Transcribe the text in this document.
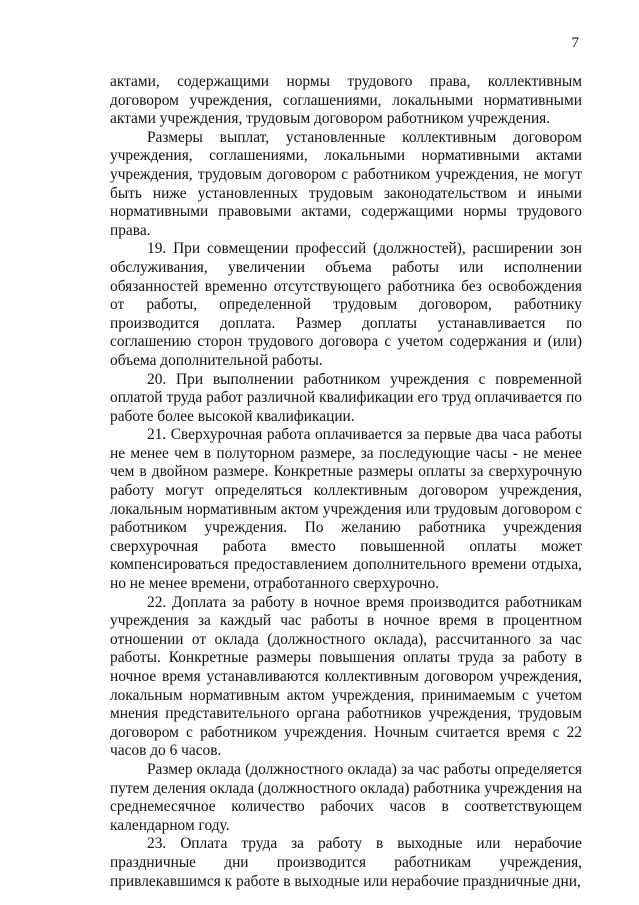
7

актами, содержащими нормы трудового права, коллективным договором учреждения, соглашениями, локальными нормативными актами учреждения, трудовым договором работником учреждения.

Размеры выплат, установленные коллективным договором учреждения, соглашениями, локальными нормативными актами учреждения, трудовым договором с работником учреждения, не могут быть ниже установленных трудовым законодательством и иными нормативными правовыми актами, содержащими нормы трудового права.

19. При совмещении профессий (должностей), расширении зон обслуживания, увеличении объема работы или исполнении обязанностей временно отсутствующего работника без освобождения от работы, определенной трудовым договором, работнику производится доплата. Размер доплаты устанавливается по соглашению сторон трудового договора с учетом содержания и (или) объема дополнительной работы.

20. При выполнении работником учреждения с повременной оплатой труда работ различной квалификации его труд оплачивается по работе более высокой квалификации.

21. Сверхурочная работа оплачивается за первые два часа работы не менее чем в полуторном размере, за последующие часы - не менее чем в двойном размере. Конкретные размеры оплаты за сверхурочную работу могут определяться коллективным договором учреждения, локальным нормативным актом учреждения или трудовым договором с работником учреждения. По желанию работника учреждения сверхурочная работа вместо повышенной оплаты может компенсироваться предоставлением дополнительного времени отдыха, но не менее времени, отработанного сверхурочно.

22. Доплата за работу в ночное время производится работникам учреждения за каждый час работы в ночное время в процентном отношении от оклада (должностного оклада), рассчитанного за час работы. Конкретные размеры повышения оплаты труда за работу в ночное время устанавливаются коллективным договором учреждения, локальным нормативным актом учреждения, принимаемым с учетом мнения представительного органа работников учреждения, трудовым договором с работником учреждения. Ночным считается время с 22 часов до 6 часов.

Размер оклада (должностного оклада) за час работы определяется путем деления оклада (должностного оклада) работника учреждения на среднемесячное количество рабочих часов в соответствующем календарном году.

23. Оплата труда за работу в выходные или нерабочие праздничные дни производится работникам учреждения, привлекавшимся к работе в выходные или нерабочие праздничные дни,
